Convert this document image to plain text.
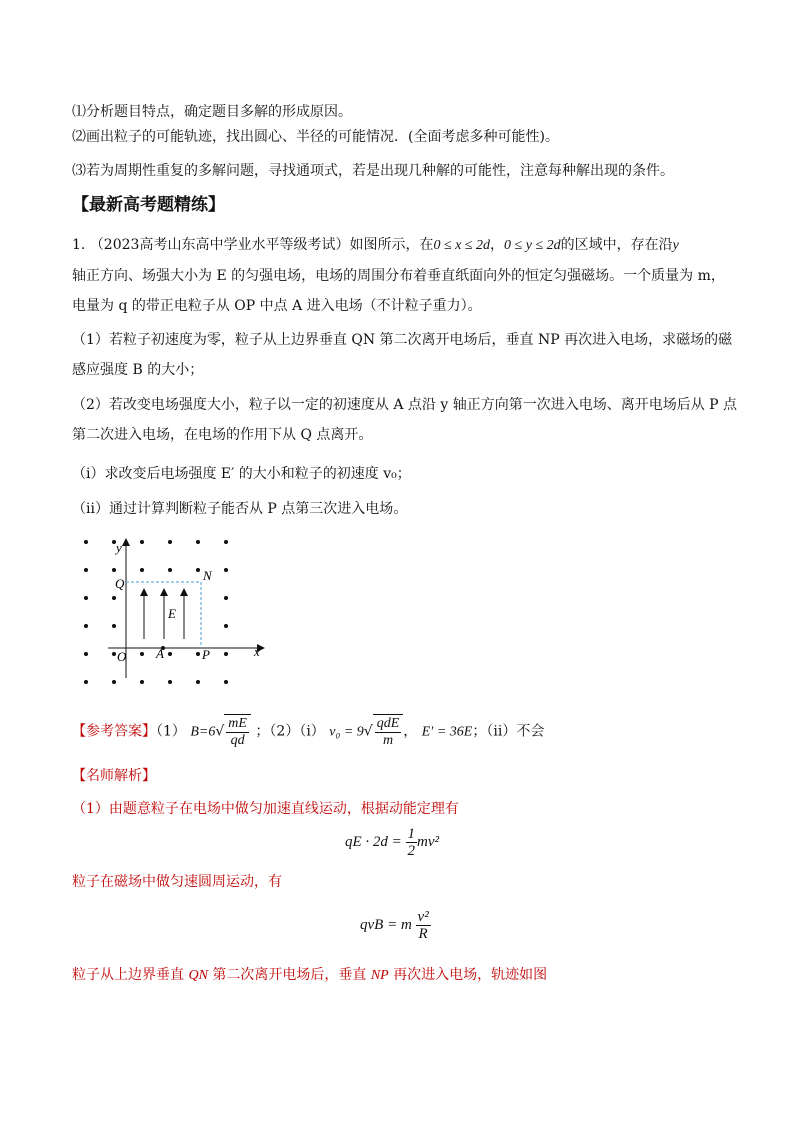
⑴分析题目特点，确定题目多解的形成原因。
⑵画出粒子的可能轨迹，找出圆心、半径的可能情况．(全面考虑多种可能性)。
⑶若为周期性重复的多解问题，寻找通项式，若是出现几种解的可能性，注意每种解出现的条件。
【最新高考题精练】
1. （2023高考山东高中学业水平等级考试）如图所示，在0 ≤ x ≤ 2d，0 ≤ y ≤ 2d的区域中，存在沿y
轴正方向、场强大小为 E 的匀强电场，电场的周围分布着垂直纸面向外的恒定匀强磁场。一个质量为 m，
电量为 q 的带正电粒子从 OP 中点 A 进入电场（不计粒子重力）。
（1）若粒子初速度为零，粒子从上边界垂直 QN 第二次离开电场后，垂直 NP 再次进入电场，求磁场的磁
感应强度 B 的大小；
（2）若改变电场强度大小，粒子以一定的初速度从 A 点沿 y 轴正方向第一次进入电场、离开电场后从 P 点
第二次进入电场，在电场的作用下从 Q 点离开。
（i）求改变后电场强度 E′ 的大小和粒子的初速度 v₀；
（ii）通过计算判断粒子能否从 P 点第三次进入电场。
y
x
Q
N
E
O A	P
【参考答案】（1） $B=6√ \frac{mE}{qd}$ ；（2）（i） $v_0 = 9√ \frac{\text{qdE}}{m}$ ， E′ = 36E；（ii）不会
【名师解析】
（1）由题意粒子在电场中做匀加速直线运动，根据动能定理有
qE · $2d = \frac{1}{2} mv^2$
粒子在磁场中做匀速圆周运动，有
qvB = m $\frac{\text{v²}}{R}$
粒子从上边界垂直 QN 第二次离开电场后，垂直 NP 再次进入电场，轨迹如图
